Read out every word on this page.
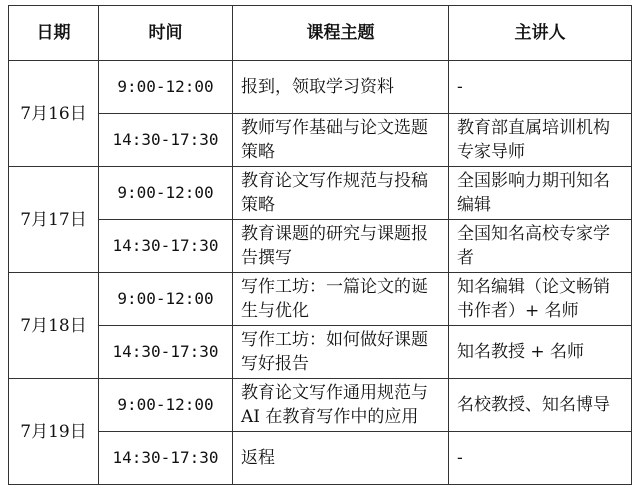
日期	时间	课程主题	主讲人
7月16日	9:00-12:00	报到，领取学习资料	-
	14:30-17:30	教师写作基础与论文选题策略	教育部直属培训机构专家导师
7月17日	9:00-12:00	教育论文写作规范与投稿策略	全国影响力期刊知名编辑
	14:30-17:30	教育课题的研究与课题报告撰写	全国知名高校专家学者
7月18日	9:00-12:00	写作工坊：一篇论文的诞生与优化	知名编辑（论文畅销书作者）+ 名师
	14:30-17:30	写作工坊：如何做好课题写好报告	知名教授 + 名师
7月19日	9:00-12:00	教育论文写作通用规范与AI 在教育写作中的应用	名校教授、知名博导
	14:30-17:30	返程	-
